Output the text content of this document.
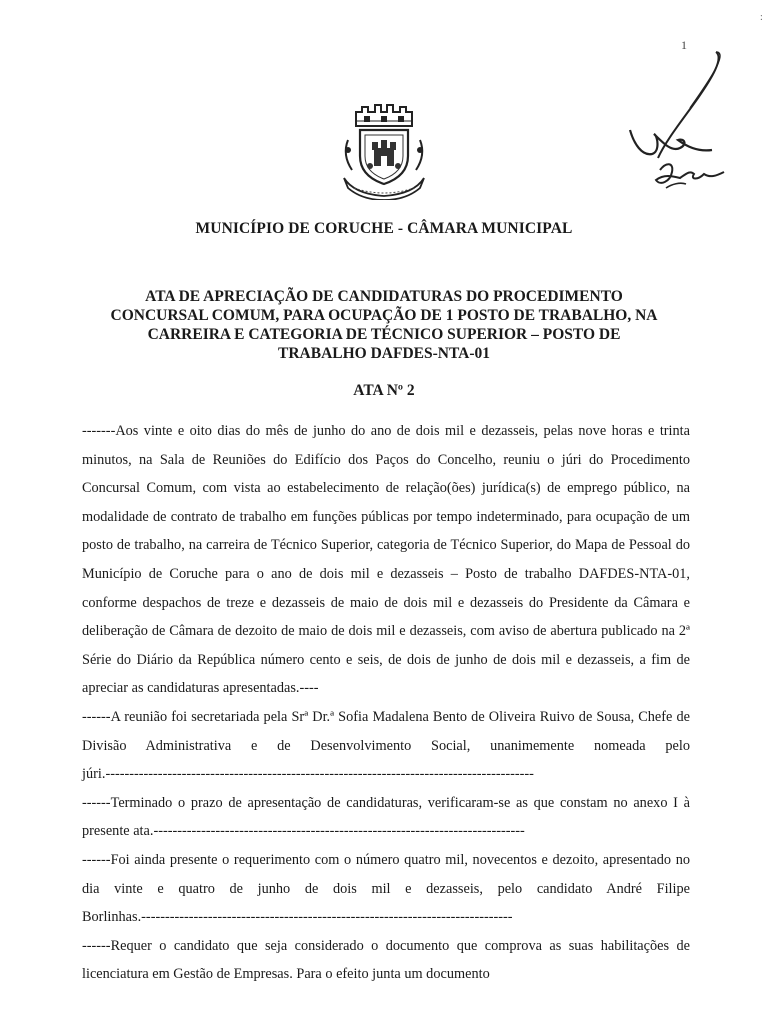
:
1
MUNICÍPIO DE CORUCHE - CÂMARA MUNICIPAL
ATA DE APRECIAÇÃO DE CANDIDATURAS DO PROCEDIMENTO CONCURSAL COMUM, PARA OCUPAÇÃO DE 1 POSTO DE TRABALHO, NA CARREIRA E CATEGORIA DE TÉCNICO SUPERIOR – POSTO DE TRABALHO DAFDES-NTA-01
ATA Nº 2

-------Aos vinte e oito dias do mês de junho do ano de dois mil e dezasseis, pelas nove horas e trinta minutos, na Sala de Reuniões do Edifício dos Paços do Concelho, reuniu o júri do Procedimento Concursal Comum, com vista ao estabelecimento de relação(ões) jurídica(s) de emprego público, na modalidade de contrato de trabalho em funções públicas por tempo indeterminado, para ocupação de um posto de trabalho, na carreira de Técnico Superior, categoria de Técnico Superior, do Mapa de Pessoal do Município de Coruche para o ano de dois mil e dezasseis – Posto de trabalho DAFDES-NTA-01, conforme despachos de treze e dezasseis de maio de dois mil e dezasseis do Presidente da Câmara e deliberação de Câmara de dezoito de maio de dois mil e dezasseis, com aviso de abertura publicado na 2ª Série do Diário da República número cento e seis, de dois de junho de dois mil e dezasseis, a fim de apreciar as candidaturas apresentadas.----

------A reunião foi secretariada pela Srª Dr.ª Sofia Madalena Bento de Oliveira Ruivo de Sousa, Chefe de Divisão Administrativa e de Desenvolvimento Social, unanimemente nomeada pelo júri.------------------------------------------------------------------------------------------

------Terminado o prazo de apresentação de candidaturas, verificaram-se as que constam no anexo I à presente ata.------------------------------------------------------------------------------

------Foi ainda presente o requerimento com o número quatro mil, novecentos e dezoito, apresentado no dia vinte e quatro de junho de dois mil e dezasseis, pelo candidato André Filipe Borlinhas.------------------------------------------------------------------------------

------Requer o candidato que seja considerado o documento que comprova as suas habilitações de licenciatura em Gestão de Empresas. Para o efeito junta um documento
